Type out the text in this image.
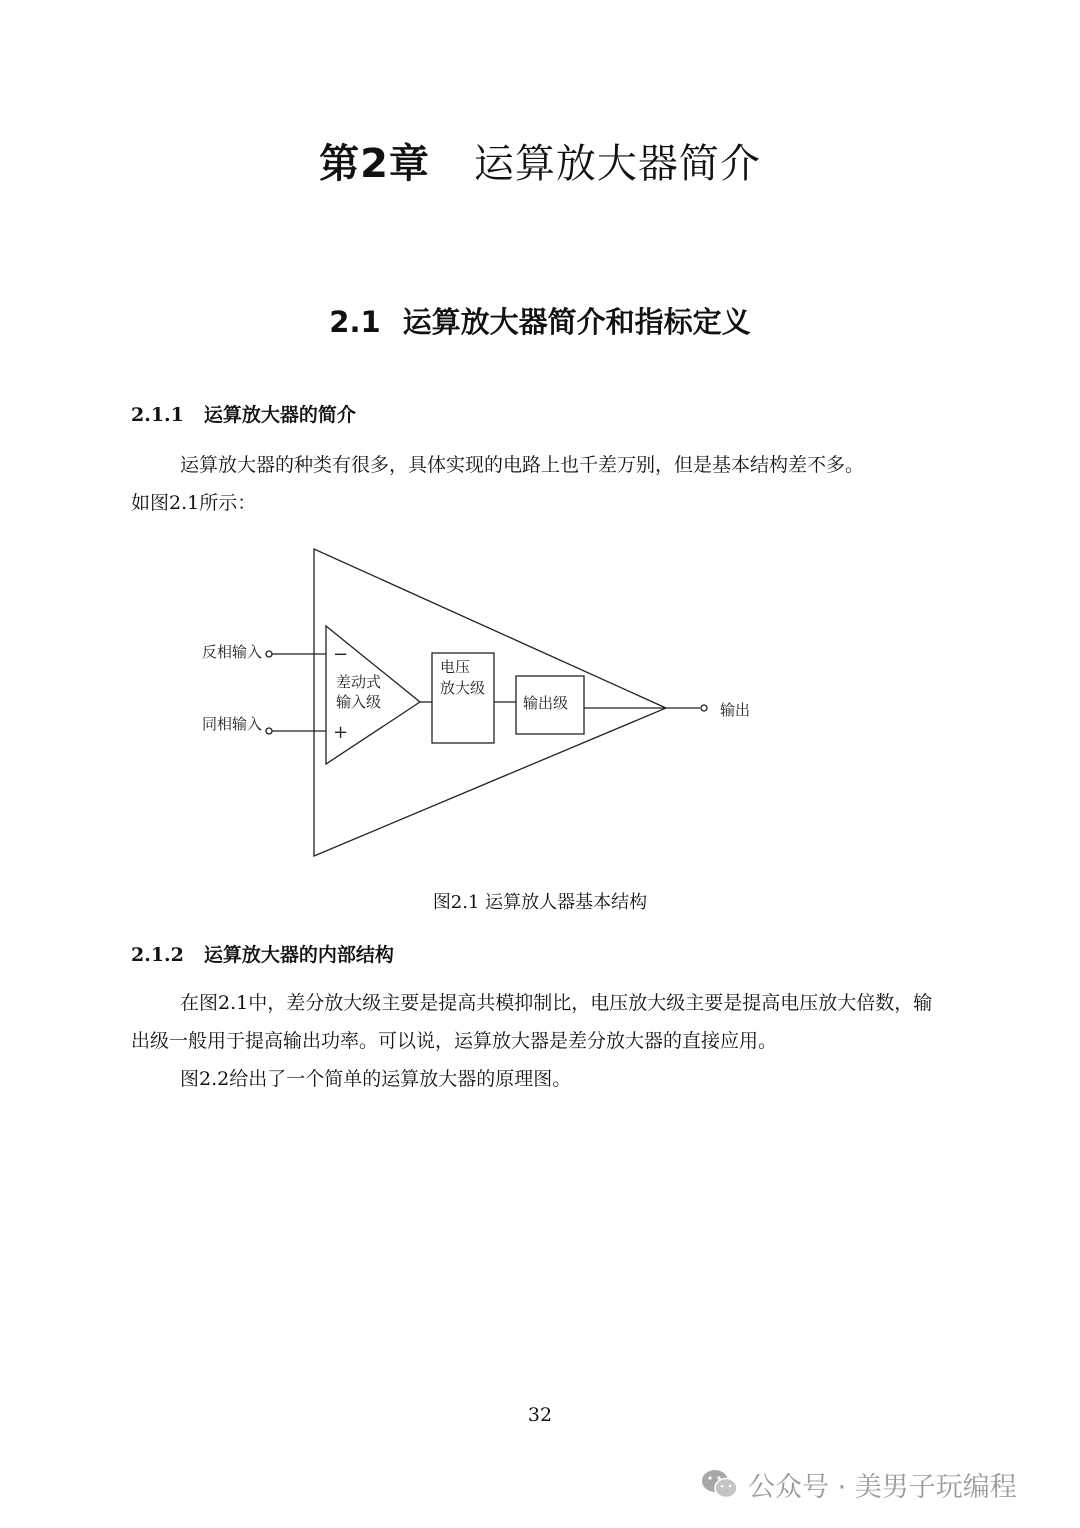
第2章 运算放大器简介
2.1 运算放大器简介和指标定义
2.1.1 运算放大器的简介
运算放大器的种类有很多，具体实现的电路上也千差万别，但是基本结构差不多。
如图2.1所示：
反相输入
同相输入
−
+
差动式
输入级
电压
放大级
输出级	输出
图2.1 运算放人器基本结构
2.1.2 运算放大器的内部结构
在图2.1中，差分放大级主要是提高共模抑制比，电压放大级主要是提高电压放大倍数，输出级一般用于提高输出功率。可以说，运算放大器是差分放大器的直接应用。
图2.2给出了一个简单的运算放大器的原理图。
32
公众号 · 美男子玩编程
